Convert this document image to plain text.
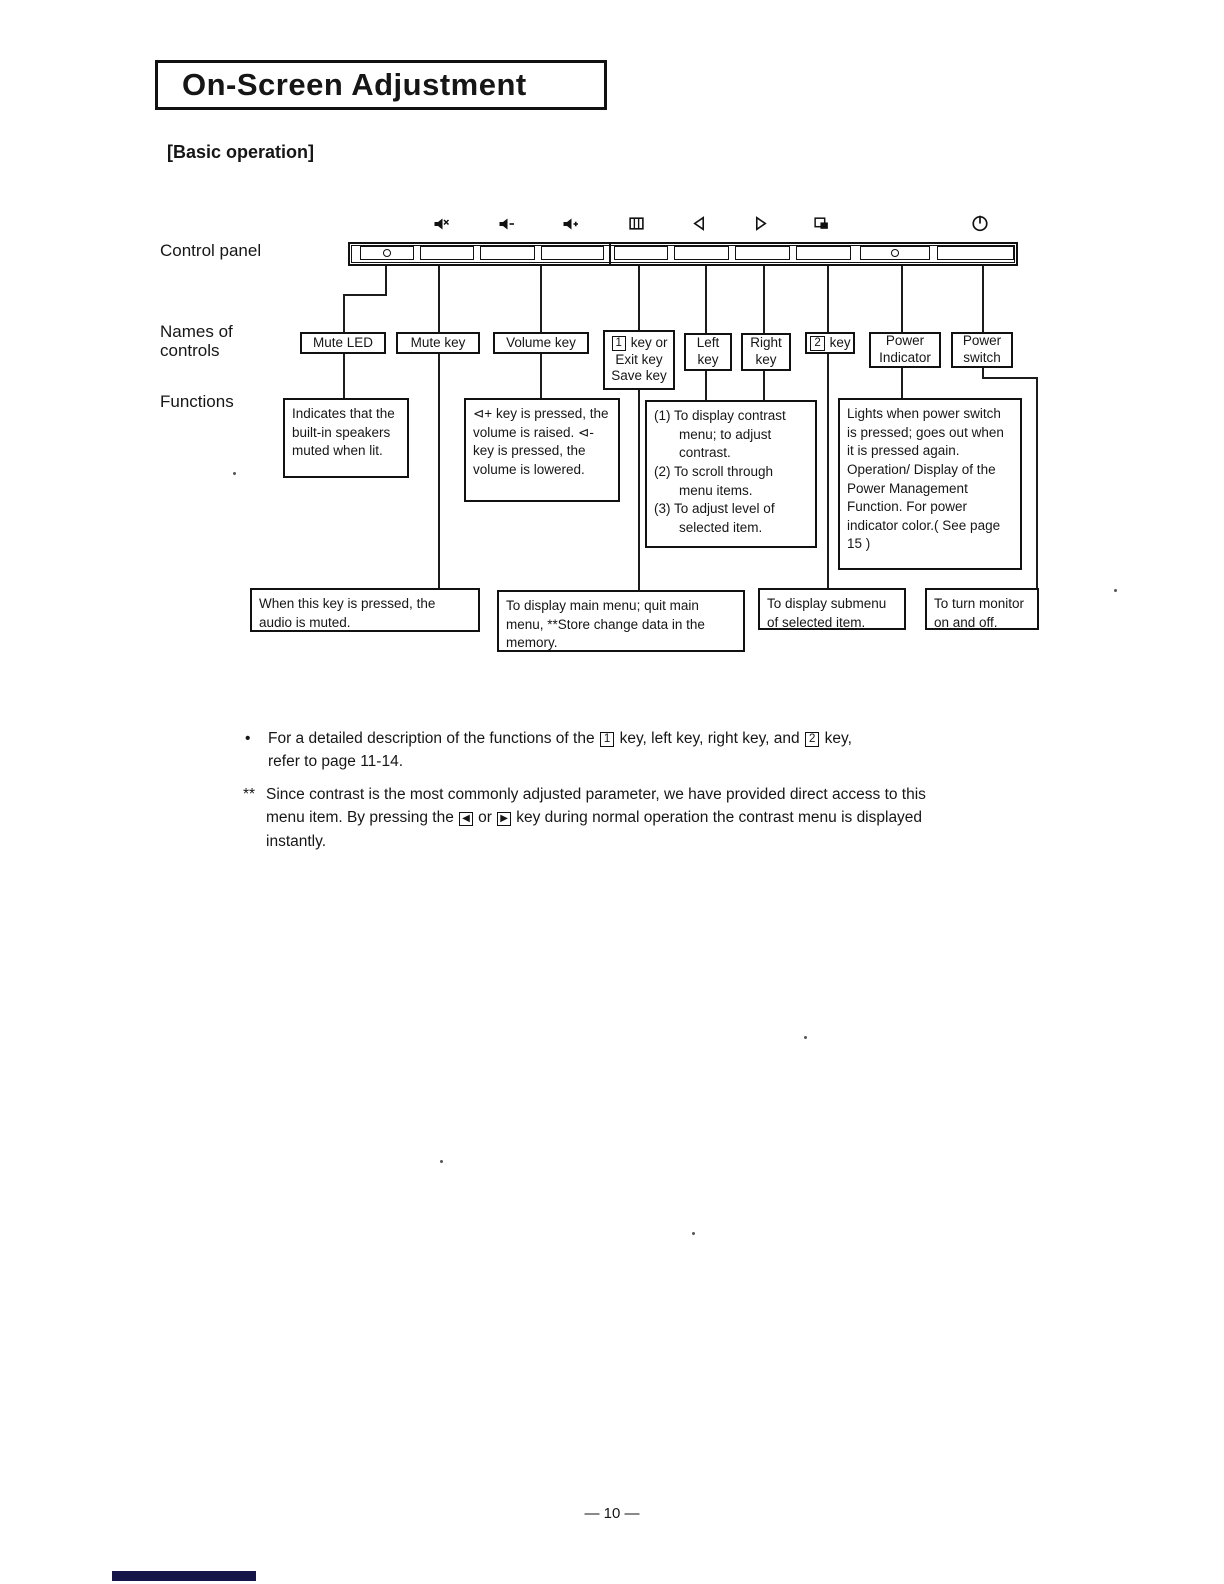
On-Screen Adjustment
[Basic operation]
Control panel
Names of
controls
Functions
Mute LED	Mute key	Volume key	1 key or
Exit key
Save key
Left
key
Right
key
2 key	Power
Indicator
Power
switch
Indicates that the built-in speakers muted when lit.
⊲+ key is pressed, the volume is raised. ⊲- key is pressed, the volume is lowered.
(1) To display contrast menu; to adjust contrast.
(2) To scroll through menu items.
(3) To adjust level of selected item.
Lights when power switch is pressed; goes out when it is pressed again. Operation/ Display of the Power Management Function. For power indicator color.( See page 15 )
When this key is pressed, the audio is muted.
To display main menu; quit main menu, **Store change data in the memory.
To display submenu of selected item.
To turn monitor on and off.
•	For a detailed description of the functions of the 1 key, left key, right key, and 2 key,
refer to page 11-14.
** Since contrast is the most commonly adjusted parameter, we have provided direct access to this menu item. By pressing the ◀ or ▶ key during normal operation the contrast menu is displayed instantly.
— 10 —
